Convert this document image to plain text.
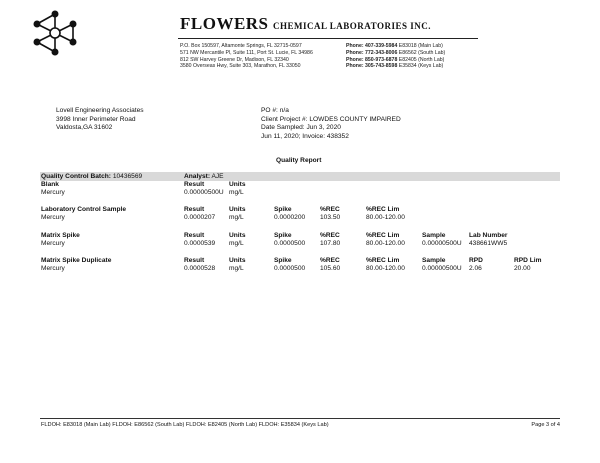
FLOWERS CHEMICAL LABORATORIES INC.
P.O. Box 150597, Altamonte Springs, FL 32715-0597
571 NW Mercantile Pl, Suite 111, Port St. Lucie, FL 34986
812 SW Harvey Greene Dr, Madison, FL 32340
3580 Overseas Hwy, Suite 303, Marathon, FL 33050
Phone: 407-339-5984 E83018 (Main Lab)
Phone: 772-343-8006 E86562 (South Lab)
Phone: 850-973-6878 E82405 (North Lab)
Phone: 305-743-8598 E35834 (Keys Lab)
Lovell Engineering Associates
3998 Inner Perimeter Road
Valdosta,GA 31602
PO #: n/a
Client Project #: LOWDES COUNTY IMPAIRED
Date Sampled: Jun 3, 2020
Jun 11, 2020; Invoice: 438352
Quality Report
Quality Control Batch: 10436569	Analyst: AJE
Blank	Result	Units
Mercury	0.00000500U mg/L
Laboratory Control Sample	Result	Units	Spike	%REC	%REC Lim
Mercury	0.0000207 mg/L	0.0000200 103.50	80.00-120.00
Matrix Spike	Result	Units	Spike	%REC	%REC Lim	Sample	Lab Number
Mercury	0.0000539 mg/L	0.0000500 107.80	80.00-120.00	0.00000500U 438661WW5
Matrix Spike Duplicate	Result	Units	Spike	%REC	%REC Lim	Sample	RPD	RPD Lim
Mercury	0.0000528 mg/L	0.0000500 105.60	80.00-120.00	0.00000500U 2.06	20.00
FLDOH: E83018 (Main Lab) FLDOH: E86562 (South Lab) FLDOH: E82405 (North Lab) FLDOH: E35834 (Keys Lab)	Page 3 of 4
